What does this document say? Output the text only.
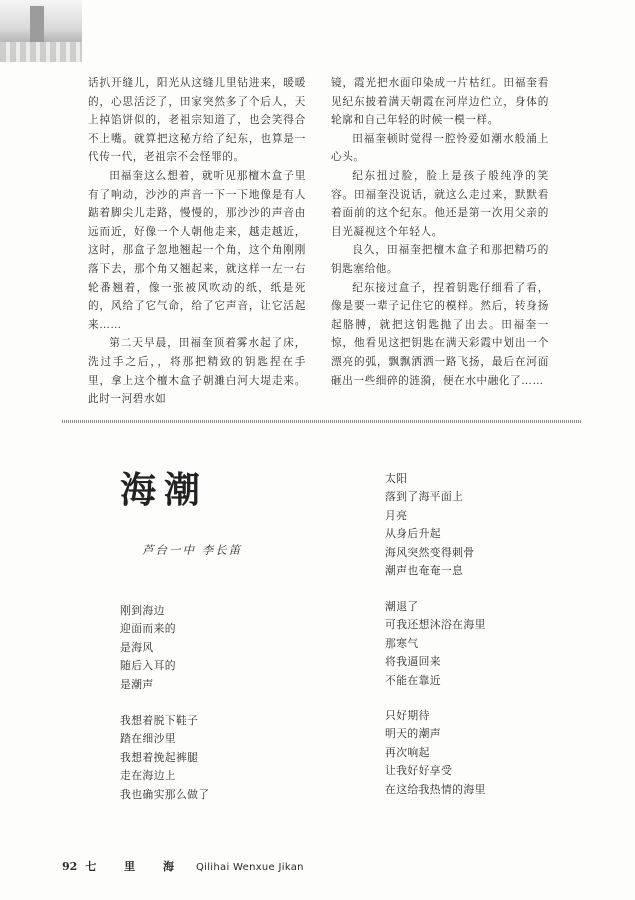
话扒开缝儿，阳光从这缝儿里钻进来，暖暖的，心思活泛了，田家突然多了个后人，天上掉馅饼似的，老祖宗知道了，也会笑得合不上嘴。就算把这秘方给了纪东，也算是一代传一代，老祖宗不会怪罪的。

田福奎这么想着，就听见那檀木盒子里有了响动，沙沙的声音一下一下地像是有人踮着脚尖儿走路，慢慢的，那沙沙的声音由远而近，好像一个人朝他走来，越走越近，这时，那盒子忽地翘起一个角，这个角刚刚落下去，那个角又翘起来，就这样一左一右轮番翘着，像一张被风吹动的纸，纸是死的，风给了它气命，给了它声音，让它活起来……

第二天早晨，田福奎顶着雾水起了床，洗过手之后，，将那把精致的钥匙捏在手里，拿上这个檀木盒子朝濉白河大堤走来。此时一河碧水如

镜，霞光把水面印染成一片枯红。田福奎看见纪东披着满天朝霞在河岸边伫立，身体的轮廓和自己年轻的时候一模一样。

田福奎顿时觉得一腔怜爱如潮水般涌上心头。

纪东扭过脸，脸上是孩子般纯净的笑容。田福奎没说话，就这么走过来，默默看着面前的这个纪东。他还是第一次用父亲的目光凝视这个年轻人。

良久，田福奎把檀木盒子和那把精巧的钥匙塞给他。

纪东接过盒子，捏着钥匙仔细看了看，像是要一辈子记住它的模样。然后，转身扬起胳膊，就把这钥匙抛了出去。田福奎一惊，他看见这把钥匙在满天彩霞中划出一个漂亮的弧，飘飘洒洒一路飞扬，最后在河面砸出一些细碎的涟漪，便在水中融化了……

海潮
芦台一中 李长笛
刚到海边
迎面而来的
是海风
随后入耳的
是潮声
我想着脱下鞋子
踏在细沙里
我想着挽起裤腿
走在海边上
我也确实那么做了
太阳
落到了海平面上
月亮
从身后升起
海风突然变得刺骨
潮声也奄奄一息
潮退了
可我还想沐浴在海里
那寒气
将我逼回来
不能在靠近
只好期待
明天的潮声
再次响起
让我好好享受
在这给我热情的海里
92 七 里 海 Qilihai Wenxue Jikan
